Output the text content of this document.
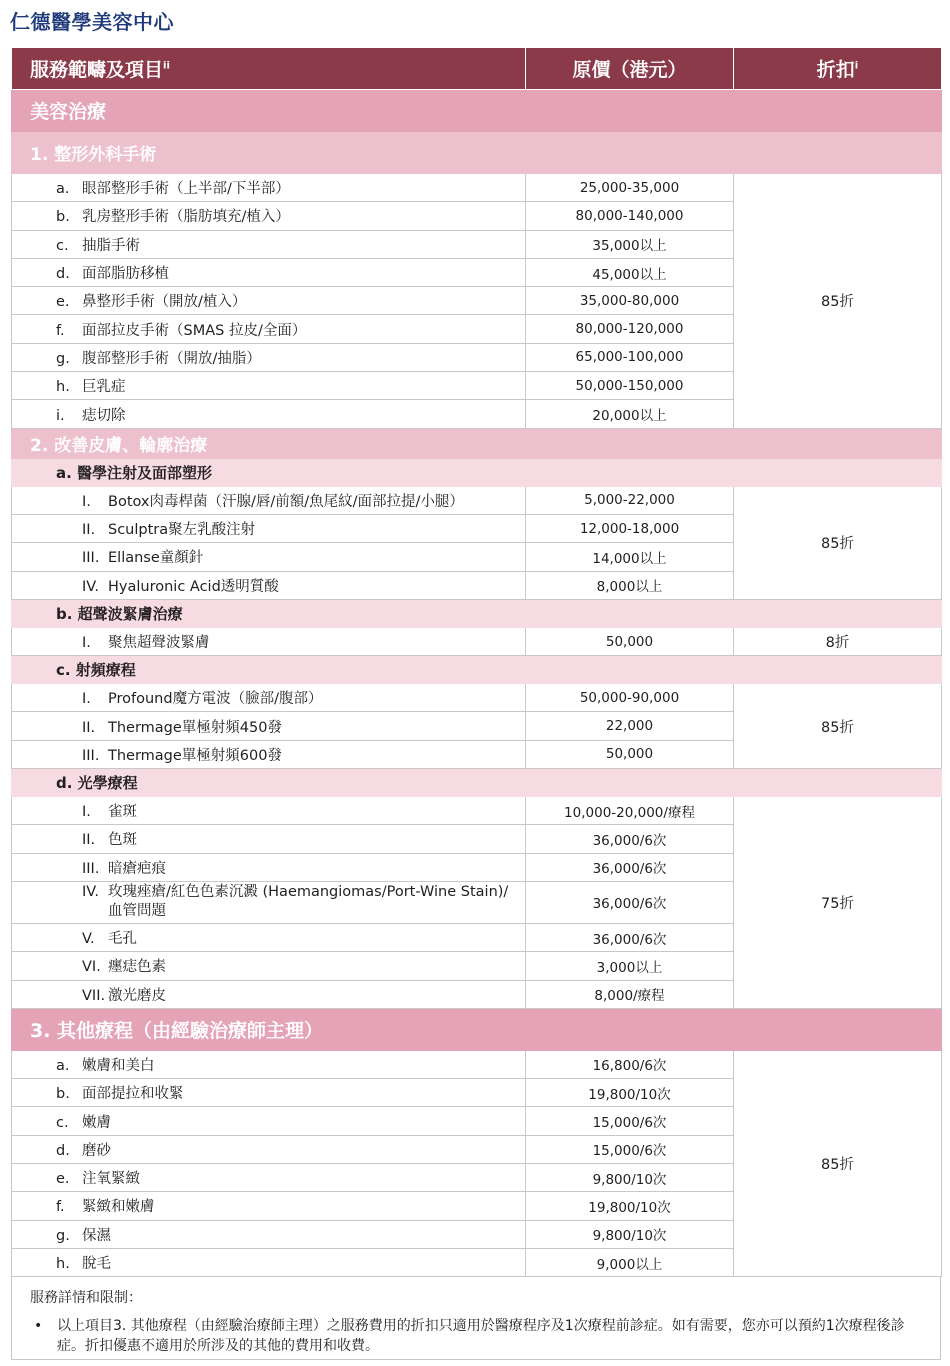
仁德醫學美容中心
服務範疇及項目$^{ii}$	原價（港元）	折扣$^i$
美容治療		
1. 整形外科手術		
a. 眼部整形手術（上半部/下半部）	25,000-35,000	85折
b. 乳房整形手術（脂肪填充/植入）	80,000-140,000	
c. 抽脂手術	35,000以上	
d. 面部脂肪移植	45,000以上	
e. 鼻整形手術（開放/植入）	35,000-80,000	
f. 面部拉皮手術（SMAS 拉皮/全面）	80,000-120,000	
g. 腹部整形手術（開放/抽脂）	65,000-100,000	
h. 巨乳症	50,000-150,000	
i. 痣切除	20,000以上	
2. 改善皮膚、輪廓治療		
a. 醫學注射及面部塑形		
I. Botox肉毒桿菌（汗腺/唇/前額/魚尾紋/面部拉提/小腿）	5,000-22,000	85折
II. Sculptra聚左乳酸注射	12,000-18,000	
III. Ellanse童顏針	14,000以上	
IV. Hyaluronic Acid透明質酸	8,000以上	
b. 超聲波緊膚治療		
I. 聚焦超聲波緊膚	50,000	8折
c. 射頻療程		
I. Profound魔方電波（臉部/腹部）	50,000-90,000	85折
II. Thermage單極射頻450發	22,000	
III. Thermage單極射頻600發	50,000	
d. 光學療程		
I. 雀斑	10,000-20,000/療程	75折
II. 色斑	36,000/6次	
III. 暗瘡疤痕	36,000/6次	
IV. 玫瑰痤瘡/紅色色素沉澱 (Haemangiomas/Port-Wine Stain)/
血管問題	36,000/6次	
V. 毛孔	36,000/6次	
VI. 癦痣色素	3,000以上	
VII. 激光磨皮	8,000/療程	
3. 其他療程（由經驗治療師主理）		
a. 嫩膚和美白	16,800/6次	85折
b. 面部提拉和收緊	19,800/10次	
c. 嫩膚	15,000/6次	
d. 磨砂	15,000/6次	
e. 注氧緊緻	9,800/10次	
f. 緊緻和嫩膚	19,800/10次	
g. 保濕	9,800/10次	
h. 脫毛	9,000以上	
服務詳情和限制：
•	以上項目3. 其他療程（由經驗治療師主理）之服務費用的折扣只適用於醫療程序及1次療程前診症。如有需要，您亦可以預約1次療程後診症。折扣優惠不適用於所涉及的其他的費用和收費。
